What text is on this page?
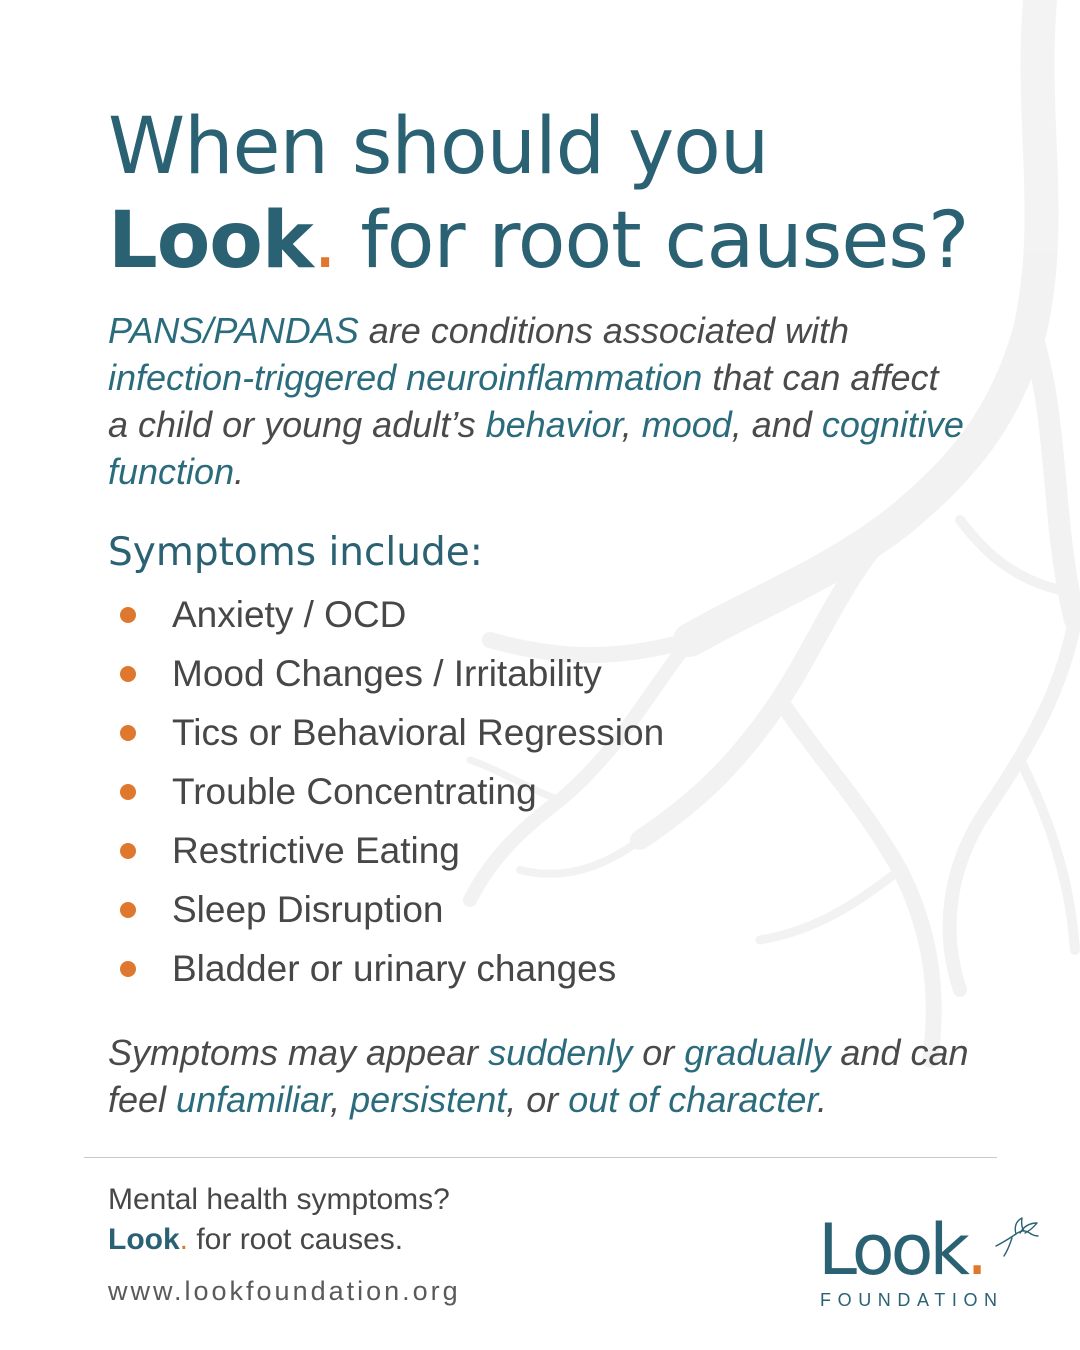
When should you
Look. for root causes?

PANS/PANDAS are conditions associated with infection-triggered neuroinflammation that can affect a child or young adult’s behavior, mood, and cognitive function.

Symptoms include:
Anxiety / OCD
Mood Changes / Irritability
Tics or Behavioral Regression
Trouble Concentrating
Restrictive Eating
Sleep Disruption
Bladder or urinary changes

Symptoms may appear suddenly or gradually and can feel unfamiliar, persistent, or out of character.

Mental health symptoms?
Look. for root causes.

www.lookfoundation.org	Look.
FOUNDATION
